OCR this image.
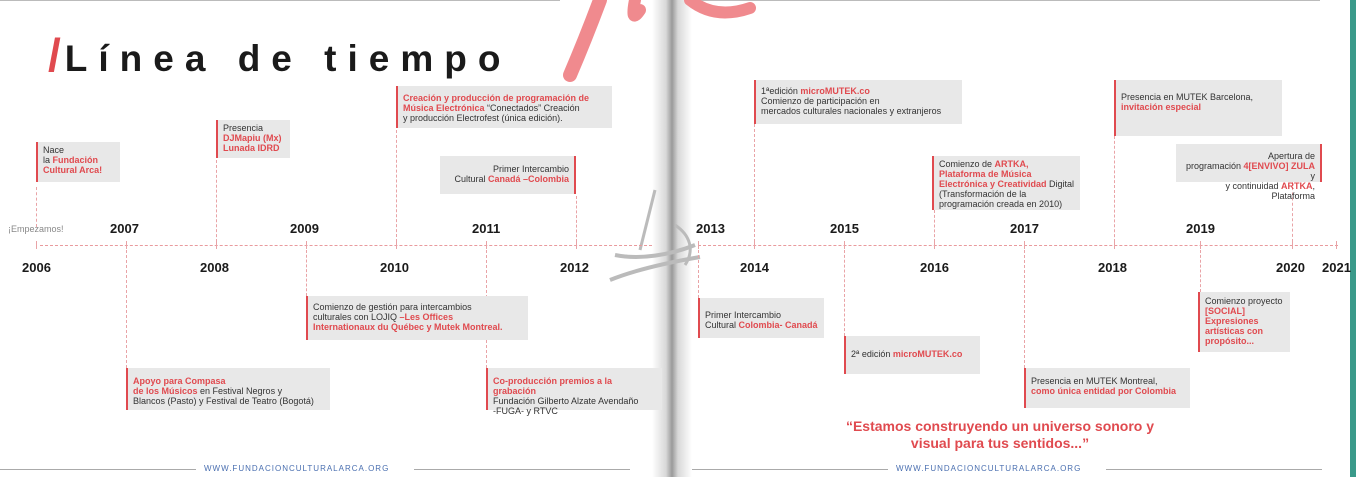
/ Línea de tiempo
¡Empezamos!
2006
2007
2008
2009
2010
2011
2012
2013
2014
2015
2016
2017
2018
2019
2020 2021
Nace
la Fundación
Cultural Arca!
Apoyo para Compasa
de los Músicos en Festival Negros y
Blancos (Pasto) y Festival de Teatro (Bogotá)
Presencia
DJMapiu (Mx)
Lunada IDRD
Comienzo de gestión para intercambios
culturales con LOJIQ –Les Offices
Internationaux du Québec y Mutek Montreal.
Creación y producción de programación de
Música Electrónica “Conectados” Creación
y producción Electrofest (única edición).
Primer Intercambio
Cultural Canadá –Colombia
Co-producción premios a la grabación
Fundación Gilberto Alzate Avendaño
-FUGA- y RTVC
Primer Intercambio
Cultural Colombia- Canadá
1ªedición microMUTEK.co
Comienzo de participación en
mercados culturales nacionales y extranjeros
2ª edición microMUTEK.co
Comienzo de ARTKA,
Plataforma de Música
Electrónica y Creatividad Digital
(Transformación de la
programación creada en 2010)
Presencia en MUTEK Montreal,
como única entidad por Colombia
Presencia en MUTEK Barcelona,
invitación especial
Comienzo proyecto
[SOCIAL]
Expresiones
artísticas con
propósito...
Apertura de
programación 4[ENVIVO] ZULA y
y continuidad ARTKA, Plataforma
“Estamos construyendo un universo sonoro y
visual para tus sentidos...”
WWW.FUNDACIONCULTURALARCA.ORG	WWW.FUNDACIONCULTURALARCA.ORG
